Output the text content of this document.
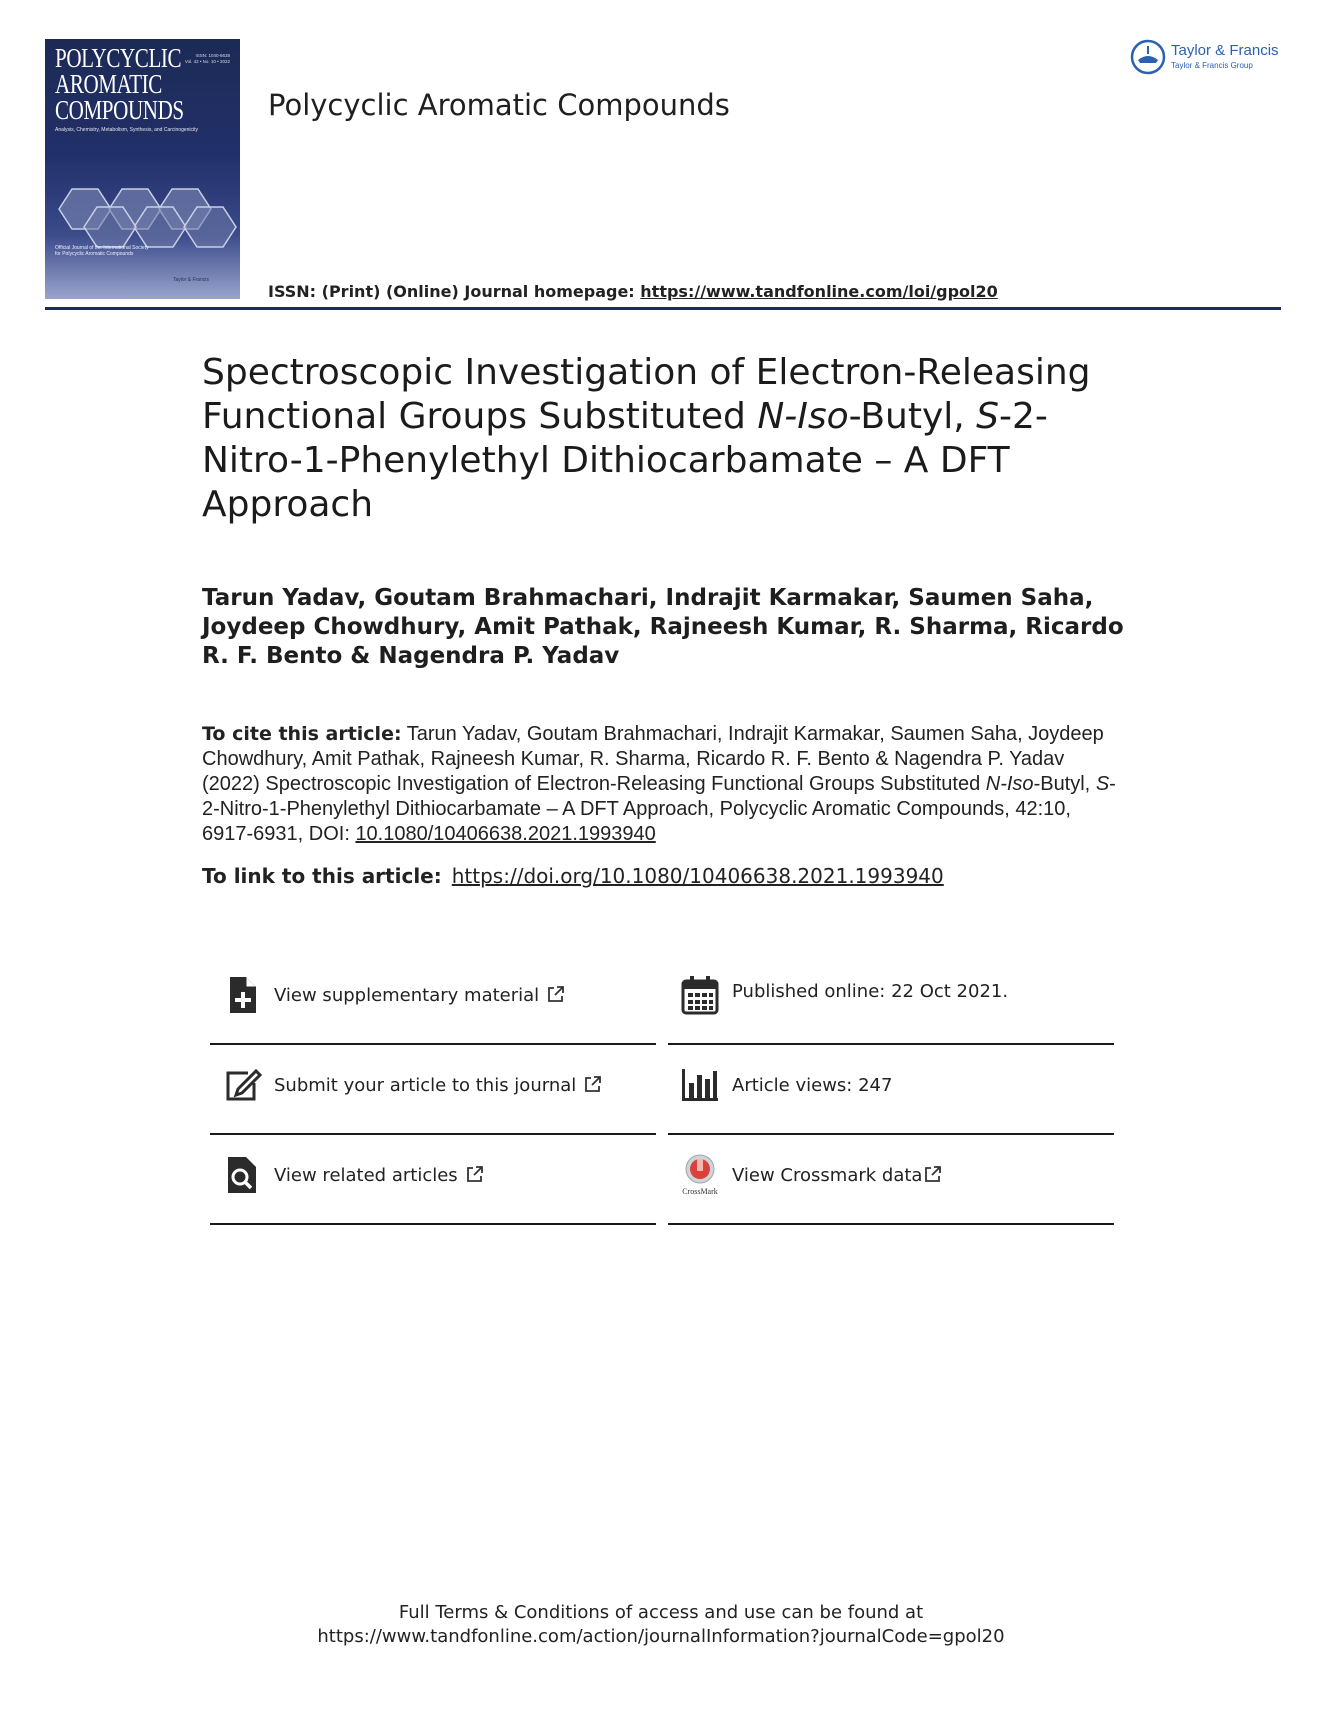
POLYCYCLIC
AROMATIC
COMPOUNDS
ISSN: 1040-6638
Vol. 42 • No. 10 • 2022
Analysis, Chemistry, Metabolism, Synthesis, and Carcinogenicity
Official Journal of the International Society for Polycyclic Aromatic Compounds
Taylor & Francis
Polycyclic Aromatic Compounds
ISSN: (Print) (Online) Journal homepage: https://www.tandfonline.com/loi/gpol20
Taylor & Francis
Taylor & Francis Group
Spectroscopic Investigation of Electron-Releasing Functional Groups Substituted N-Iso-Butyl, S-2-Nitro-1-Phenylethyl Dithiocarbamate – A DFT Approach
Tarun Yadav, Goutam Brahmachari, Indrajit Karmakar, Saumen Saha, Joydeep Chowdhury, Amit Pathak, Rajneesh Kumar, R. Sharma, Ricardo R. F. Bento & Nagendra P. Yadav
To cite this article: Tarun Yadav, Goutam Brahmachari, Indrajit Karmakar, Saumen Saha, Joydeep Chowdhury, Amit Pathak, Rajneesh Kumar, R. Sharma, Ricardo R. F. Bento & Nagendra P. Yadav (2022) Spectroscopic Investigation of Electron-Releasing Functional Groups Substituted N-Iso-Butyl, S-2-Nitro-1-Phenylethyl Dithiocarbamate – A DFT Approach, Polycyclic Aromatic Compounds, 42:10, 6917-6931, DOI: 10.1080/10406638.2021.1993940
To link to this article: https://doi.org/10.1080/10406638.2021.1993940
View supplementary material	Published online: 22 Oct 2021.
Submit your article to this journal	Article views: 247
View related articles
CrossMark
View Crossmark data
Full Terms & Conditions of access and use can be found at
https://www.tandfonline.com/action/journalInformation?journalCode=gpol20
